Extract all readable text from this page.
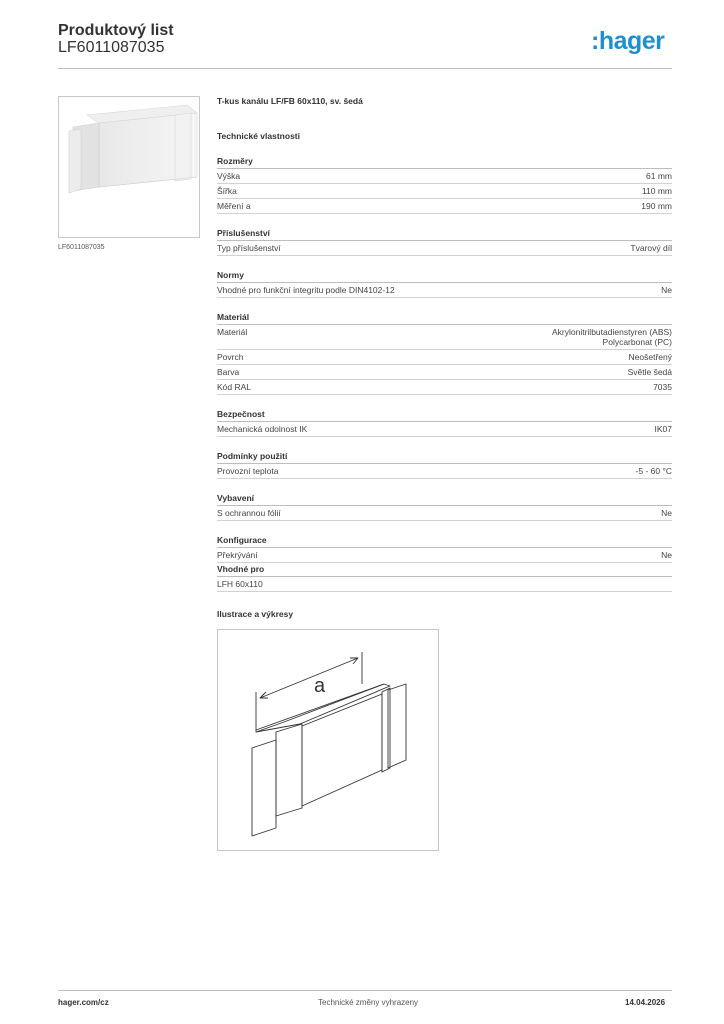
Produktový list
LF6011087035	:hager
LF6011087035
T-kus kanálu LF/FB 60x110, sv. šedá
Technické vlastnosti
Rozměry
Výška	61 mm
Šířka	110 mm
Měření a	190 mm
Příslušenství
Typ příslušenství	Tvarový díl
Normy
Vhodné pro funkční integritu podle DIN4102-12	Ne
Materiál
Materiál	Akrylonitrilbutadienstyren (ABS)
Polycarbonat (PC)
Povrch	Neošetřený
Barva	Světle šedá
Kód RAL	7035
Bezpečnost
Mechanická odolnost IK	IK07
Podmínky použití
Provozní teplota	-5 - 60 °C
Vybavení
S ochrannou fólií	Ne
Konfigurace
Překrývání	Ne
Vhodné pro
LFH 60x110
Ilustrace a výkresy
a
hager.com/cz	Technické změny vyhrazeny	14.04.2026
